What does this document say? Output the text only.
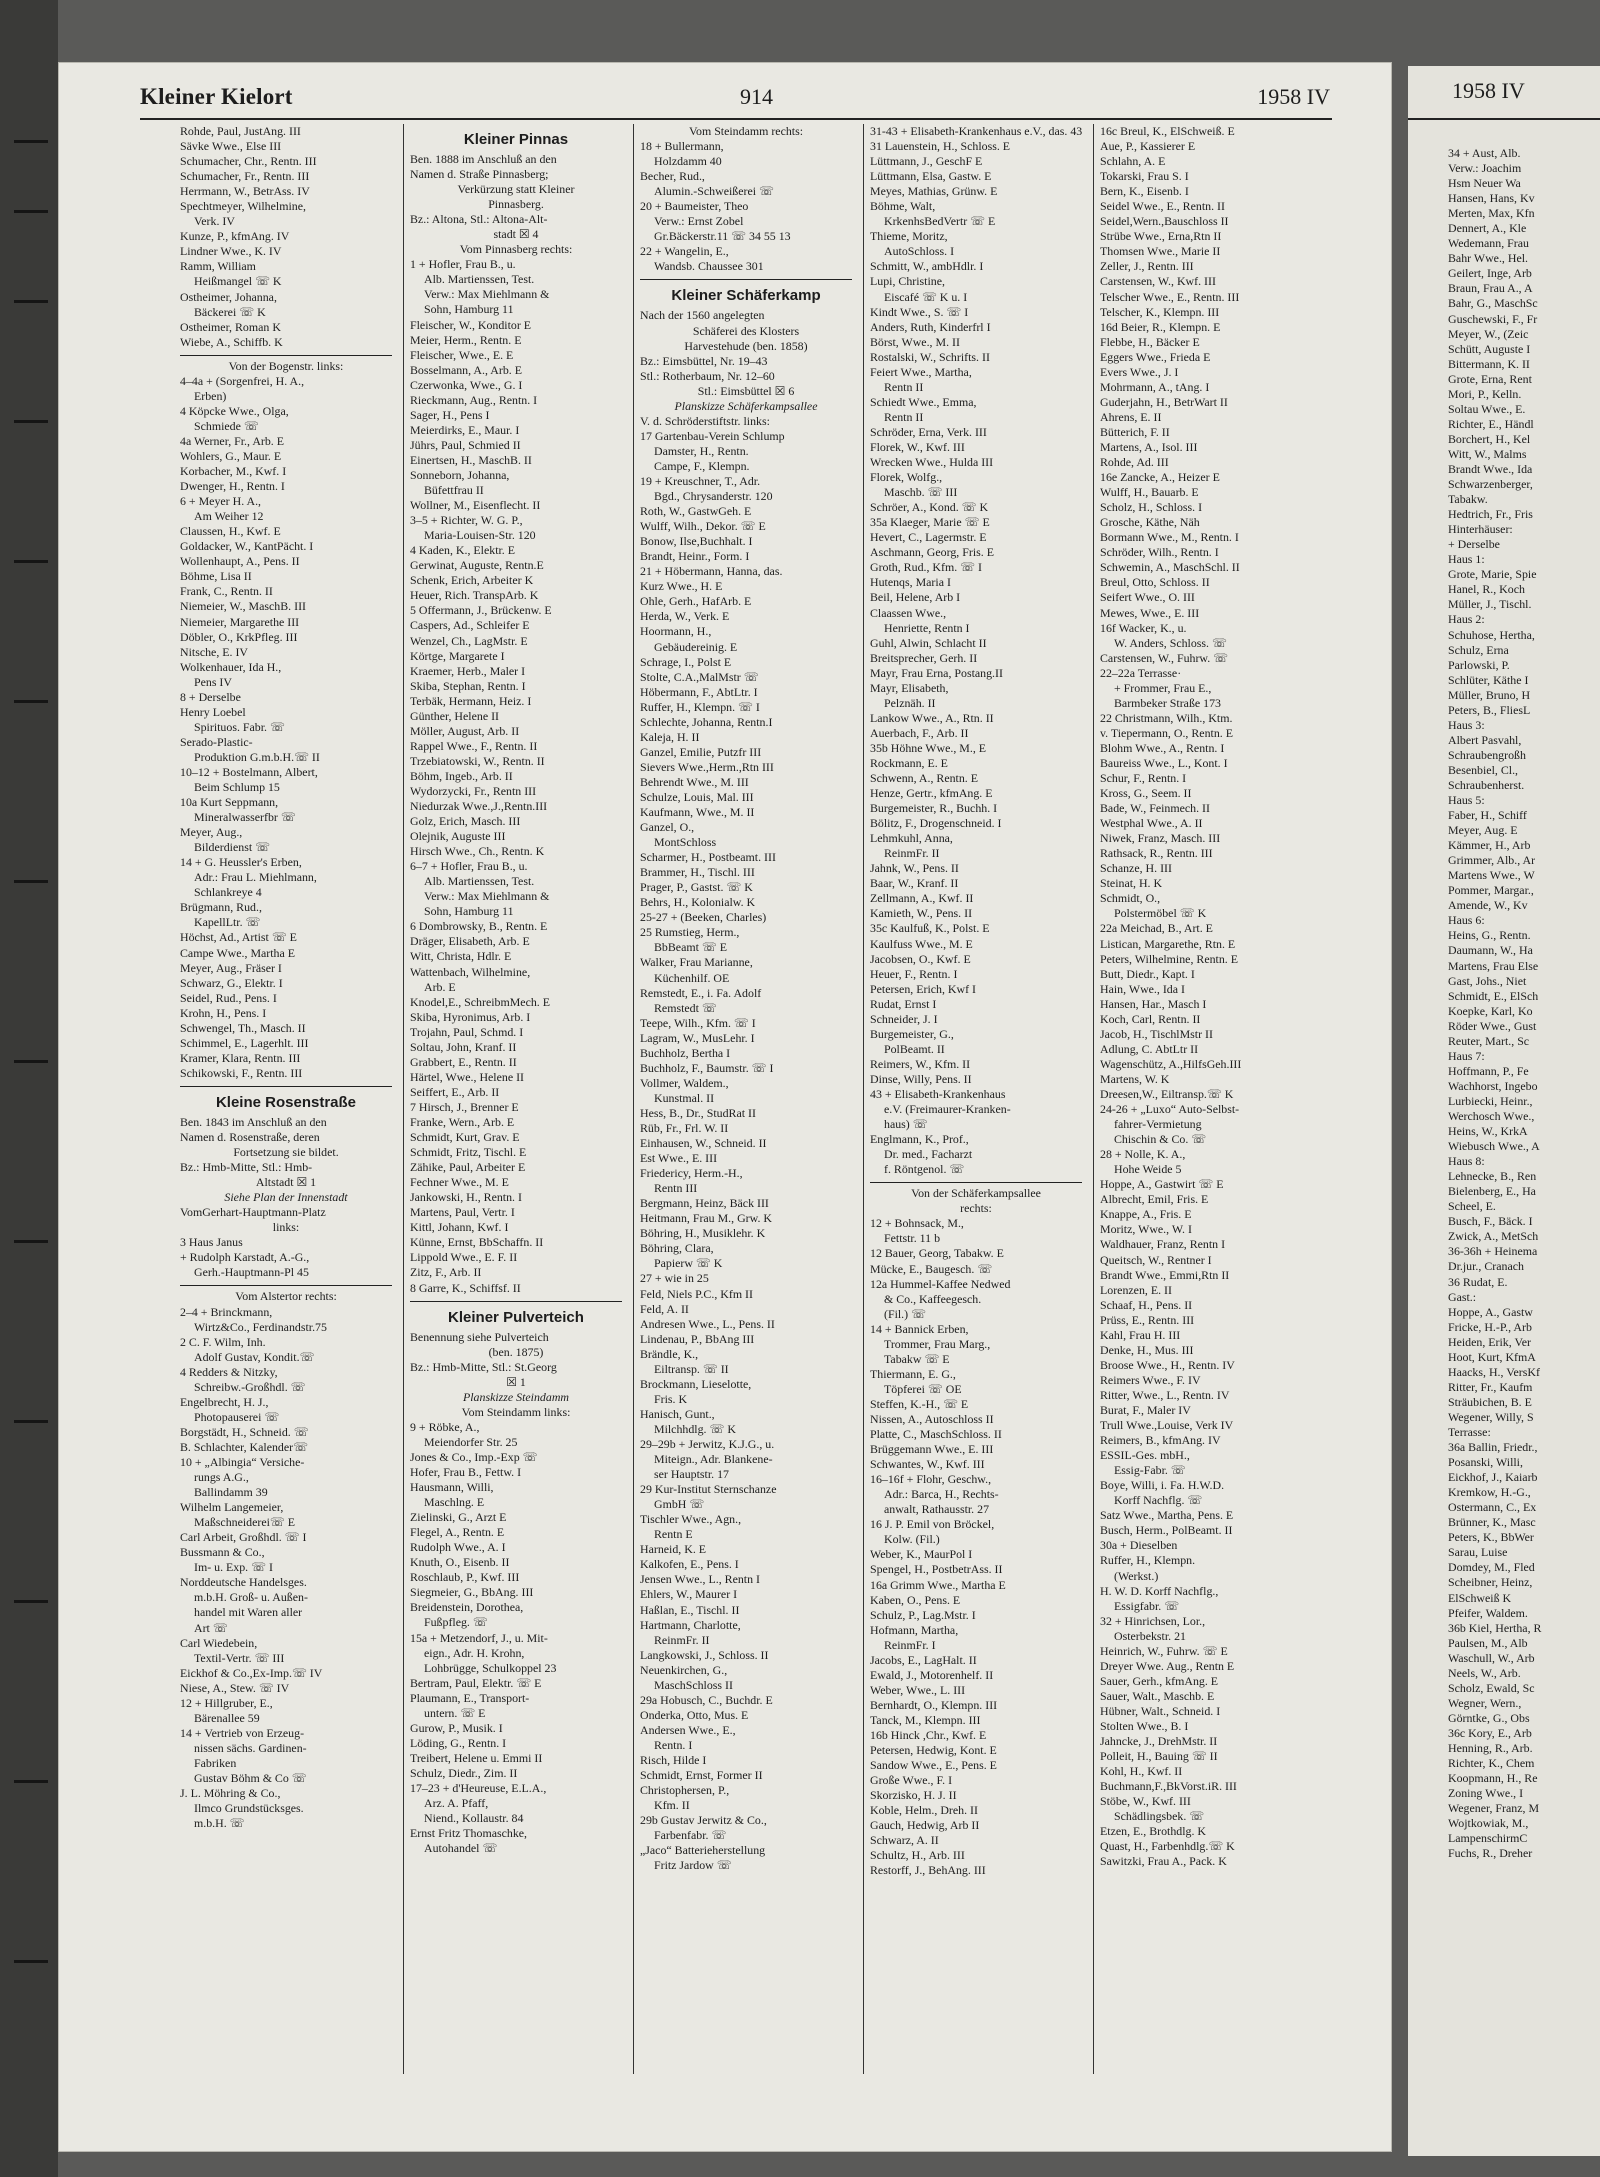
Kleiner Kielort	914	1958 IV
Rohde, Paul, JustAng. III
Sävke Wwe., Else III
Schumacher, Chr., Rentn. III
Schumacher, Fr., Rentn. III
Herrmann, W., BetrAss. IV
Spechtmeyer, Wilhelmine,
Verk. IV
Kunze, P., kfmAng. IV
Lindner Wwe., K. IV
Ramm, William
Heißmangel ☏ K
Ostheimer, Johanna,
Bäckerei ☏ K
Ostheimer, Roman K
Wiebe, A., Schiffb. K
Von der Bogenstr. links:
4–4a + (Sorgenfrei, H. A.,
Erben)
4 Köpcke Wwe., Olga,
Schmiede ☏
4a Werner, Fr., Arb. E
Wohlers, G., Maur. E
Korbacher, M., Kwf. I
Dwenger, H., Rentn. I
6 + Meyer H. A.,
Am Weiher 12
Claussen, H., Kwf. E
Goldacker, W., KantPächt. I
Wollenhaupt, A., Pens. II
Böhme, Lisa II
Frank, C., Rentn. II
Niemeier, W., MaschB. III
Niemeier, Margarethe III
Döbler, O., KrkPfleg. III
Nitsche, E. IV
Wolkenhauer, Ida H.,
Pens IV
8 + Derselbe
Henry Loebel
Spirituos. Fabr. ☏
Serado-Plastic-
Produktion G.m.b.H.☏ II
10–12 + Bostelmann, Albert,
Beim Schlump 15
10a Kurt Seppmann,
Mineralwasserfbr ☏
Meyer, Aug.,
Bilderdienst ☏
14 + G. Heussler's Erben,
Adr.: Frau L. Miehlmann,
Schlankreye 4
Brügmann, Rud.,
KapellLtr. ☏
Höchst, Ad., Artist ☏ E
Campe Wwe., Martha E
Meyer, Aug., Fräser I
Schwarz, G., Elektr. I
Seidel, Rud., Pens. I
Krohn, H., Pens. I
Schwengel, Th., Masch. II
Schimmel, E., Lagerhlt. III
Kramer, Klara, Rentn. III
Schikowski, F., Rentn. III
Kleine Rosenstraße
Ben. 1843 im Anschluß an den
Namen d. Rosenstraße, deren
Fortsetzung sie bildet.
Bz.: Hmb-Mitte, Stl.: Hmb-
Altstadt ☒ 1
Siehe Plan der Innenstadt
VomGerhart-Hauptmann-Platz
links:
3 Haus Janus
+ Rudolph Karstadt, A.-G.,
Gerh.-Hauptmann-Pl 45
Vom Alstertor rechts:
2–4 + Brinckmann,
Wirtz&Co., Ferdinandstr.75
2 C. F. Wilm, Inh.
Adolf Gustav, Kondit.☏
4 Redders & Nitzky,
Schreibw.-Großhdl. ☏
Engelbrecht, H. J.,
Photopauserei ☏
Borgstädt, H., Schneid. ☏
B. Schlachter, Kalender☏
10 + „Albingia“ Versiche-
rungs A.G.,
Ballindamm 39
Wilhelm Langemeier,
Maßschneiderei☏ E
Carl Arbeit, Großhdl. ☏ I
Bussmann & Co.,
Im- u. Exp. ☏ I
Norddeutsche Handelsges.
m.b.H. Groß- u. Außen-
handel mit Waren aller
Art ☏
Carl Wiedebein,
Textil-Vertr. ☏ III
Eickhof & Co.,Ex-Imp.☏ IV
Niese, A., Stew. ☏ IV
12 + Hillgruber, E.,
Bärenallee 59
14 + Vertrieb von Erzeug-
nissen sächs. Gardinen-
Fabriken
Gustav Böhm & Co ☏
J. L. Möhring & Co.,
Ilmco Grundstücksges.
m.b.H. ☏
Kleiner Pinnas
Ben. 1888 im Anschluß an den
Namen d. Straße Pinnasberg;
Verkürzung statt Kleiner
Pinnasberg.
Bz.: Altona, Stl.: Altona-Alt-
stadt ☒ 4
Vom Pinnasberg rechts:
1 + Hofler, Frau B., u.
Alb. Martienssen, Test.
Verw.: Max Miehlmann &
Sohn, Hamburg 11
Fleischer, W., Konditor E
Meier, Herm., Rentn. E
Fleischer, Wwe., E. E
Bosselmann, A., Arb. E
Czerwonka, Wwe., G. I
Rieckmann, Aug., Rentn. I
Sager, H., Pens I
Meierdirks, E., Maur. I
Jührs, Paul, Schmied II
Einertsen, H., MaschB. II
Sonneborn, Johanna,
Büfettfrau II
Wollner, M., Eisenflecht. II
3–5 + Richter, W. G. P.,
Maria-Louisen-Str. 120
4 Kaden, K., Elektr. E
Gerwinat, Auguste, Rentn.E
Schenk, Erich, Arbeiter K
Heuer, Rich. TranspArb. K
5 Offermann, J., Brückenw. E
Caspers, Ad., Schleifer E
Wenzel, Ch., LagMstr. E
Körtge, Margarete I
Kraemer, Herb., Maler I
Skiba, Stephan, Rentn. I
Terbäk, Hermann, Heiz. I
Günther, Helene II
Möller, August, Arb. II
Rappel Wwe., F., Rentn. II
Trzebiatowski, W., Rentn. II
Böhm, Ingeb., Arb. II
Wydorzycki, Fr., Rentn III
Niedurzak Wwe.,J.,Rentn.III
Golz, Erich, Masch. III
Olejnik, Auguste III
Hirsch Wwe., Ch., Rentn. K
6–7 + Hofler, Frau B., u.
Alb. Martienssen, Test.
Verw.: Max Miehlmann &
Sohn, Hamburg 11
6 Dombrowsky, B., Rentn. E
Dräger, Elisabeth, Arb. E
Witt, Christa, Hdlr. E
Wattenbach, Wilhelmine,
Arb. E
Knodel,E., SchreibmMech. E
Skiba, Hyronimus, Arb. I
Trojahn, Paul, Schmd. I
Soltau, John, Kranf. II
Grabbert, E., Rentn. II
Härtel, Wwe., Helene II
Seiffert, E., Arb. II
7 Hirsch, J., Brenner E
Franke, Wern., Arb. E
Schmidt, Kurt, Grav. E
Schmidt, Fritz, Tischl. E
Zähike, Paul, Arbeiter E
Fechner Wwe., M. E
Jankowski, H., Rentn. I
Martens, Paul, Vertr. I
Kittl, Johann, Kwf. I
Künne, Ernst, BbSchaffn. II
Lippold Wwe., E. F. II
Zitz, F., Arb. II
8 Garre, K., Schiffsf. II
Kleiner Pulverteich
Benennung siehe Pulverteich
(ben. 1875)
Bz.: Hmb-Mitte, Stl.: St.Georg
☒ 1
Planskizze Steindamm
Vom Steindamm links:
9 + Röbke, A.,
Meiendorfer Str. 25
Jones & Co., Imp.-Exp ☏
Hofer, Frau B., Fettw. I
Hausmann, Willi,
Maschlng. E
Zielinski, G., Arzt E
Flegel, A., Rentn. E
Rudolph Wwe., A. I
Knuth, O., Eisenb. II
Roschlaub, P., Kwf. III
Siegmeier, G., BbAng. III
Breidenstein, Dorothea,
Fußpfleg. ☏
15a + Metzendorf, J., u. Mit-
eign., Adr. H. Krohn,
Lohbrügge, Schulkoppel 23
Bertram, Paul, Elektr. ☏ E
Plaumann, E., Transport-
untern. ☏ E
Gurow, P., Musik. I
Löding, G., Rentn. I
Treibert, Helene u. Emmi II
Schulz, Diedr., Zim. II
17–23 + d'Heureuse, E.L.A.,
Arz. A. Pfaff,
Niend., Kollaustr. 84
Ernst Fritz Thomaschke,
Autohandel ☏
Vom Steindamm rechts:
18 + Bullermann,
Holzdamm 40
Becher, Rud.,
Alumin.-Schweißerei ☏
20 + Baumeister, Theo
Verw.: Ernst Zobel
Gr.Bäckerstr.11 ☏ 34 55 13
22 + Wangelin, E.,
Wandsb. Chaussee 301
Kleiner Schäferkamp
Nach der 1560 angelegten
Schäferei des Klosters
Harvestehude (ben. 1858)
Bz.: Eimsbüttel, Nr. 19–43
Stl.: Rotherbaum, Nr. 12–60
Stl.: Eimsbüttel ☒ 6
Planskizze Schäferkampsallee
V. d. Schröderstiftstr. links:
17 Gartenbau-Verein Schlump
Damster, H., Rentn.
Campe, F., Klempn.
19 + Kreuschner, T., Adr.
Bgd., Chrysanderstr. 120
Roth, W., GastwGeh. E
Wulff, Wilh., Dekor. ☏ E
Bonow, Ilse,Buchhalt. I
Brandt, Heinr., Form. I
21 + Höbermann, Hanna, das.
Kurz Wwe., H. E
Ohle, Gerh., HafArb. E
Herda, W., Verk. E
Hoormann, H.,
Gebäudereinig. E
Schrage, I., Polst E
Stolte, C.A.,MalMstr ☏
Höbermann, F., AbtLtr. I
Ruffer, H., Klempn. ☏ I
Schlechte, Johanna, Rentn.I
Kaleja, H. II
Ganzel, Emilie, Putzfr III
Sievers Wwe.,Herm.,Rtn III
Behrendt Wwe., M. III
Schulze, Louis, Mal. III
Kaufmann, Wwe., M. II
Ganzel, O.,
MontSchloss
Scharmer, H., Postbeamt. III
Brammer, H., Tischl. III
Prager, P., Gastst. ☏ K
Behrs, H., Kolonialw. K
25-27 + (Beeken, Charles)
25 Rumstieg, Herm.,
BbBeamt ☏ E
Walker, Frau Marianne,
Küchenhilf. OE
Remstedt, E., i. Fa. Adolf
Remstedt ☏
Teepe, Wilh., Kfm. ☏ I
Lagram, W., MusLehr. I
Buchholz, Bertha I
Buchholz, F., Baumstr. ☏ I
Vollmer, Waldem.,
Kunstmal. II
Hess, B., Dr., StudRat II
Rüb, Fr., Frl. W. II
Einhausen, W., Schneid. II
Est Wwe., E. III
Friedericy, Herm.-H.,
Rentn III
Bergmann, Heinz, Bäck III
Heitmann, Frau M., Grw. K
Böhring, H., Musiklehr. K
Böhring, Clara,
Papierw ☏ K
27 + wie in 25
Feld, Niels P.C., Kfm II
Feld, A. II
Andresen Wwe., L., Pens. II
Lindenau, P., BbAng III
Brändle, K.,
Eiltransp. ☏ II
Brockmann, Lieselotte,
Fris. K
Hanisch, Gunt.,
Milchhdlg. ☏ K
29–29b + Jerwitz, K.J.G., u.
Miteign., Adr. Blankene-
ser Hauptstr. 17
29 Kur-Institut Sternschanze
GmbH ☏
Tischler Wwe., Agn.,
Rentn E
Harneid, K. E
Kalkofen, E., Pens. I
Jensen Wwe., L., Rentn I
Ehlers, W., Maurer I
Haßlan, E., Tischl. II
Hartmann, Charlotte,
ReinmFr. II
Langkowski, J., Schloss. II
Neuenkirchen, G.,
MaschSchloss II
29a Hobusch, C., Buchdr. E
Onderka, Otto, Mus. E
Andersen Wwe., E.,
Rentn. I
Risch, Hilde I
Schmidt, Ernst, Former II
Christophersen, P.,
Kfm. II
29b Gustav Jerwitz & Co.,
Farbenfabr. ☏
„Jaco“ Batterieherstellung
Fritz Jardow ☏
31-43 + Elisabeth-Krankenhaus e.V., das. 43
31 Lauenstein, H., Schloss. E
Lüttmann, J., GeschF E
Lüttmann, Elsa, Gastw. E
Meyes, Mathias, Grünw. E
Böhme, Walt,
KrkenhsBedVertr ☏ E
Thieme, Moritz,
AutoSchloss. I
Schmitt, W., ambHdlr. I
Lupi, Christine,
Eiscafé ☏ K u. I
Kindt Wwe., S. ☏ I
Anders, Ruth, Kinderfrl I
Börst, Wwe., M. II
Rostalski, W., Schrifts. II
Feiert Wwe., Martha,
Rentn II
Schiedt Wwe., Emma,
Rentn II
Schröder, Erna, Verk. III
Florek, W., Kwf. III
Wrecken Wwe., Hulda III
Florek, Wolfg.,
Maschb. ☏ III
Schröer, A., Kond. ☏ K
35a Klaeger, Marie ☏ E
Hevert, C., Lagermstr. E
Aschmann, Georg, Fris. E
Groth, Rud., Kfm. ☏ I
Hutenqs, Maria I
Beil, Helene, Arb I
Claassen Wwe.,
Henriette, Rentn I
Guhl, Alwin, Schlacht II
Breitsprecher, Gerh. II
Mayr, Frau Erna, Postang.II
Mayr, Elisabeth,
Pelznäh. II
Lankow Wwe., A., Rtn. II
Auerbach, F., Arb. II
35b Höhne Wwe., M., E
Rockmann, E. E
Schwenn, A., Rentn. E
Henze, Gertr., kfmAng. E
Burgemeister, R., Buchh. I
Bölitz, F., Drogenschneid. I
Lehmkuhl, Anna,
ReinmFr. II
Jahnk, W., Pens. II
Baar, W., Kranf. II
Zellmann, A., Kwf. II
Kamieth, W., Pens. II
35c Kaulfuß, K., Polst. E
Kaulfuss Wwe., M. E
Jacobsen, O., Kwf. E
Heuer, F., Rentn. I
Petersen, Erich, Kwf I
Rudat, Ernst I
Schneider, J. I
Burgemeister, G.,
PolBeamt. II
Reimers, W., Kfm. II
Dinse, Willy, Pens. II
43 + Elisabeth-Krankenhaus
e.V. (Freimaurer-Kranken-
haus) ☏
Englmann, K., Prof.,
Dr. med., Facharzt
f. Röntgenol. ☏
Von der Schäferkampsallee
rechts:
12 + Bohnsack, M.,
Fettstr. 11 b
12 Bauer, Georg, Tabakw. E
Mücke, E., Baugesch. ☏
12a Hummel-Kaffee Nedwed
& Co., Kaffeegesch.
(Fil.) ☏
14 + Bannick Erben,
Trommer, Frau Marg.,
Tabakw ☏ E
Thiermann, E. G.,
Töpferei ☏ OE
Steffen, K.-H., ☏ E
Nissen, A., Autoschloss II
Platte, C., MaschSchloss. II
Brüggemann Wwe., E. III
Schwantes, W., Kwf. III
16–16f + Flohr, Geschw.,
Adr.: Barca, H., Rechts-
anwalt, Rathausstr. 27
16 J. P. Emil von Bröckel,
Kolw. (Fil.)
Weber, K., MaurPol I
Spengel, H., PostbetrAss. II
16a Grimm Wwe., Martha E
Kaben, O., Pens. E
Schulz, P., Lag.Mstr. I
Hofmann, Martha,
ReinmFr. I
Jacobs, E., LagHalt. II
Ewald, J., Motorenhelf. II
Weber, Wwe., L. III
Bernhardt, O., Klempn. III
Tanck, M., Klempn. III
16b Hinck ,Chr., Kwf. E
Petersen, Hedwig, Kont. E
Sandow Wwe., E., Pens. E
Große Wwe., F. I
Skorzisko, H. J. II
Koble, Helm., Dreh. II
Gauch, Hedwig, Arb II
Schwarz, A. II
Schultz, H., Arb. III
Restorff, J., BehAng. III
16c Breul, K., ElSchweiß. E
Aue, P., Kassierer E
Schlahn, A. E
Tokarski, Frau S. I
Bern, K., Eisenb. I
Seidel Wwe., E., Rentn. II
Seidel,Wern.,Bauschloss II
Strübe Wwe., Erna,Rtn II
Thomsen Wwe., Marie II
Zeller, J., Rentn. III
Carstensen, W., Kwf. III
Telscher Wwe., E., Rentn. III
Telscher, K., Klempn. III
16d Beier, R., Klempn. E
Flebbe, H., Bäcker E
Eggers Wwe., Frieda E
Evers Wwe., J. I
Mohrmann, A., tAng. I
Guderjahn, H., BetrWart II
Ahrens, E. II
Bütterich, F. II
Martens, A., Isol. III
Rohde, Ad. III
16e Zancke, A., Heizer E
Wulff, H., Bauarb. E
Scholz, H., Schloss. I
Grosche, Käthe, Näh
Bormann Wwe., M., Rentn. I
Schröder, Wilh., Rentn. I
Schwemin, A., MaschSchl. II
Breul, Otto, Schloss. II
Seifert Wwe., O. III
Mewes, Wwe., E. III
16f Wacker, K., u.
W. Anders, Schloss. ☏
Carstensen, W., Fuhrw. ☏
22–22a Terrasse·
+ Frommer, Frau E.,
Barmbeker Straße 173
22 Christmann, Wilh., Ktm.
v. Tiepermann, O., Rentn. E
Blohm Wwe., A., Rentn. I
Baureiss Wwe., L., Kont. I
Schur, F., Rentn. I
Kross, G., Seem. II
Bade, W., Feinmech. II
Westphal Wwe., A. II
Niwek, Franz, Masch. III
Rathsack, R., Rentn. III
Schanze, H. III
Steinat, H. K
Schmidt, O.,
Polstermöbel ☏ K
22a Meichad, B., Art. E
Listican, Margarethe, Rtn. E
Peters, Wilhelmine, Rentn. E
Butt, Diedr., Kapt. I
Hain, Wwe., Ida I
Hansen, Har., Masch I
Koch, Carl, Rentn. II
Jacob, H., TischlMstr II
Adlung, C. AbtLtr II
Wagenschütz, A.,HilfsGeh.III
Martens, W. K
Dreesen,W., Eiltransp.☏ K
24-26 + „Luxo“ Auto-Selbst-
fahrer-Vermietung
Chischin & Co. ☏
28 + Nolle, K. A.,
Hohe Weide 5
Hoppe, A., Gastwirt ☏ E
Albrecht, Emil, Fris. E
Knappe, A., Fris. E
Moritz, Wwe., W. I
Waldhauer, Franz, Rentn I
Queitsch, W., Rentner I
Brandt Wwe., Emmi,Rtn II
Lorenzen, E. II
Schaaf, H., Pens. II
Prüss, E., Rentn. III
Kahl, Frau H. III
Denke, H., Mus. III
Broose Wwe., H., Rentn. IV
Reimers Wwe., F. IV
Ritter, Wwe., L., Rentn. IV
Burat, F., Maler IV
Trull Wwe.,Louise, Verk IV
Reimers, B., kfmAng. IV
ESSIL-Ges. mbH.,
Essig-Fabr. ☏
Boye, Willi, i. Fa. H.W.D.
Korff Nachflg. ☏
Satz Wwe., Martha, Pens. E
Busch, Herm., PolBeamt. II
30a + Dieselben
Ruffer, H., Klempn.
(Werkst.)
H. W. D. Korff Nachflg.,
Essigfabr. ☏
32 + Hinrichsen, Lor.,
Osterbekstr. 21
Heinrich, W., Fuhrw. ☏ E
Dreyer Wwe. Aug., Rentn E
Sauer, Gerh., kfmAng. E
Sauer, Walt., Maschb. E
Hübner, Walt., Schneid. I
Stolten Wwe., B. I
Jahncke, J., DrehMstr. II
Polleit, H., Bauing ☏ II
Kohl, H., Kwf. II
Buchmann,F.,BkVorst.iR. III
Stöbe, W., Kwf. III
Schädlingsbek. ☏
Etzen, E., Brothdlg. K
Quast, H., Farbenhdlg.☏ K
Sawitzki, Frau A., Pack. K
1958 IV
34 + Aust, Alb.
Verw.: Joachim
Hsm Neuer Wa
Hansen, Hans, Kv
Merten, Max, Kfn
Dennert, A., Kle
Wedemann, Frau
Bahr Wwe., Hel.
Geilert, Inge, Arb
Braun, Frau A., A
Bahr, G., MaschSc
Guschewski, F., Fr
Meyer, W., (Zeic
Schütt, Auguste I
Bittermann, K. II
Grote, Erna, Rent
Mori, P., Kelln.
Soltau Wwe., E.
Richter, E., Händl
Borchert, H., Kel
Witt, W., Malms
Brandt Wwe., Ida
Schwarzenberger,
Tabakw.
Hedtrich, Fr., Fris
Hinterhäuser:
+ Derselbe
Haus 1:
Grote, Marie, Spie
Hanel, R., Koch
Müller, J., Tischl.
Haus 2:
Schuhose, Hertha,
Schulz, Erna
Parlowski, P.
Schlüter, Käthe I
Müller, Bruno, H
Peters, B., FliesL
Haus 3:
Albert Pasvahl,
Schraubengroßh
Besenbiel, Cl.,
Schraubenherst.
Haus 5:
Faber, H., Schiff
Meyer, Aug. E
Kämmer, H., Arb
Grimmer, Alb., Ar
Martens Wwe., W
Pommer, Margar.,
Amende, W., Kv
Haus 6:
Heins, G., Rentn.
Daumann, W., Ha
Martens, Frau Else
Gast, Johs., Niet
Schmidt, E., ElSch
Koepke, Karl, Ko
Röder Wwe., Gust
Reuter, Mart., Sc
Haus 7:
Hoffmann, P., Fe
Wachhorst, Ingebo
Lurbiecki, Heinr.,
Werchosch Wwe.,
Heins, W., KrkA
Wiebusch Wwe., A
Haus 8:
Lehnecke, B., Ren
Bielenberg, E., Ha
Scheel, E.
Busch, F., Bäck. I
Zwick, A., MetSch
36-36h + Heinema
Dr.jur., Cranach
36 Rudat, E.
Gast.:
Hoppe, A., Gastw
Fricke, H.-P., Arb
Heiden, Erik, Ver
Hoot, Kurt, KfmA
Haacks, H., VersKf
Ritter, Fr., Kaufm
Sträubichen, B. E
Wegener, Willy, S
Terrasse:
36a Ballin, Friedr.,
Posanski, Willi,
Eickhof, J., Kaiarb
Kremkow, H.-G.,
Ostermann, C., Ex
Brünner, K., Masc
Peters, K., BbWer
Sarau, Luise
Domdey, M., Fled
Scheibner, Heinz,
ElSchweiß K
Pfeifer, Waldem.
36b Kiel, Hertha, R
Paulsen, M., Alb
Waschull, W., Arb
Neels, W., Arb.
Scholz, Ewald, Sc
Wegner, Wern.,
Görntke, G., Obs
36c Kory, E., Arb
Henning, R., Arb.
Richter, K., Chem
Koopmann, H., Re
Zoning Wwe., I
Wegener, Franz, M
Wojtkowiak, M.,
LampenschirmC
Fuchs, R., Dreher
